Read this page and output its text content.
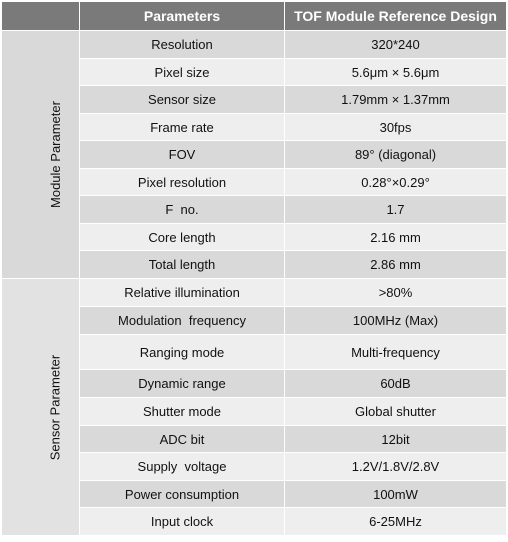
	Parameters	TOF Module Reference Design
Module Parameter	Resolution	320*240
	Pixel size	5.6μm × 5.6μm
	Sensor size	1.79mm × 1.37mm
	Frame rate	30fps
	FOV	89° (diagonal)
	Pixel resolution	0.28°×0.29°
	F  no.	1.7
	Core length	2.16 mm
	Total length	2.86 mm
Sensor Parameter	Relative illumination	>80%
	Modulation  frequency	100MHz (Max)
	Ranging mode	Multi-frequency
	Dynamic range	60dB
	Shutter mode	Global shutter
	ADC bit	12bit
	Supply  voltage	1.2V/1.8V/2.8V
	Power consumption	100mW
	Input clock	6-25MHz
